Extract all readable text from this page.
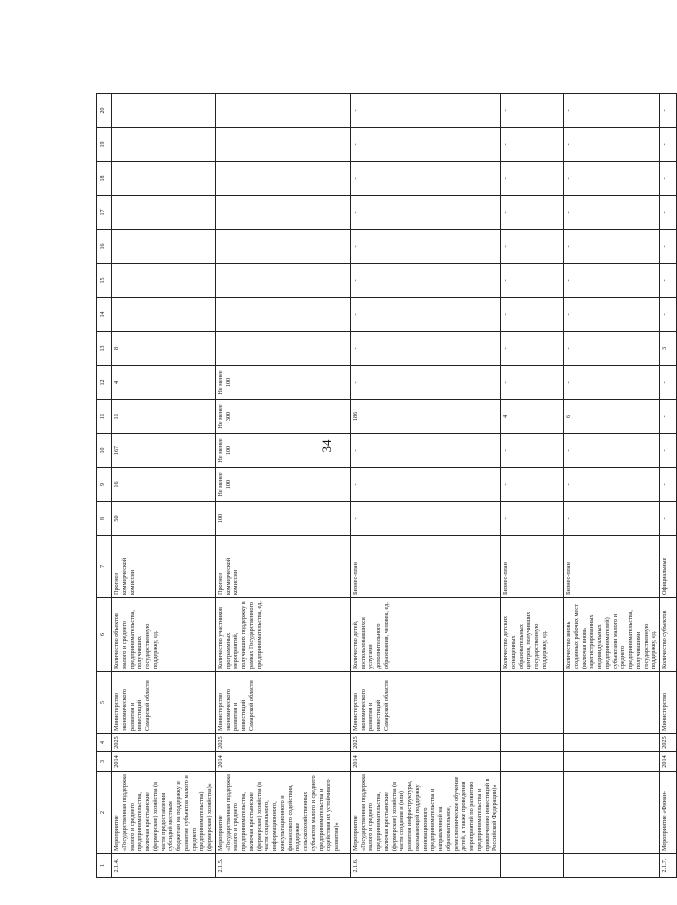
34
1	2	3	4	5	6	7	8	9	10	11	12	13	14	15	16	17	18	19	20
2.1.4.	Мероприятие «Государственная поддержка малого и среднего предпринимательства, включая крестьянские (фермерские) хозяйства (в части предоставления субсидий местным бюджетам на поддержку и развитие субъектов малого и среднего предпринимательства) (фермерские) хозяйства)»	2014	2025	Министерство экономического развития и инвестиций Самарской области	Количество объектов малого и среднего предпринимательства, получивших государственную поддержку, ед.	Прогноз коммерческой комиссии	50	16	167	11	4	8							
2.1.5.	Мероприятие «Государственная поддержка малого и среднего предпринимательства, включая крестьянские (фермерские) хозяйства (в части социального, информационного, консультационного и финансового содействия, поддержке сельскохозяйственных субъектов малого и среднего предпринимательства и содействия их устойчивого развития)»	2014	2025	Министерство экономического развития и инвестиций Самарской области	Количество участников программных мероприятий, получивших поддержку в рамках Государственного предпринимательства, ед.	Прогноз коммерческой комиссии	100	Не менее 100	Не менее 100	Не менее 300	Не менее 100								
2.1.6.	Мероприятие «Государственная поддержка малого и среднего предпринимательства, включая крестьянские (фермерские) хозяйства (в части создания и (или) развития инфраструктуры, оказывающей поддержку инновационного предпринимательства и направленной на образовательное, ремесленническое обучение детей, а также проведения мероприятий по развитию предпринимательства и привлечению инвестиций в Российской Федерации)»	2014	2025	Министерство экономического развития и инвестиций Самарской области	Количество детей, воспользовавшихся услугами дополнительного образования, человек, ед.	Бизнес-план	-	-	-	186	-	-	-	-	-	-	-	-	-
					Количество детских оснащенных образовательных центров, получивших государственную поддержку, ед.	Бизнес-план	-	-	-	4	-	-	-	-	-	-	-	-	-
					Количество вновь созданных рабочих мест (включая вновь зарегистрированных индивидуальных предпринимателей) субъектами малого и среднего предпринимательства, получившими государственную поддержку, ед.	Бизнес-план	-	-	-	6	-	-	-	-	-	-	-	-	-
2.1.7.	Мероприятие «Финан-	2014	2025	Министерство	Количество субъектов	Официальные	-	-	-	-	-	3	-	-	-	-	-	-	-
